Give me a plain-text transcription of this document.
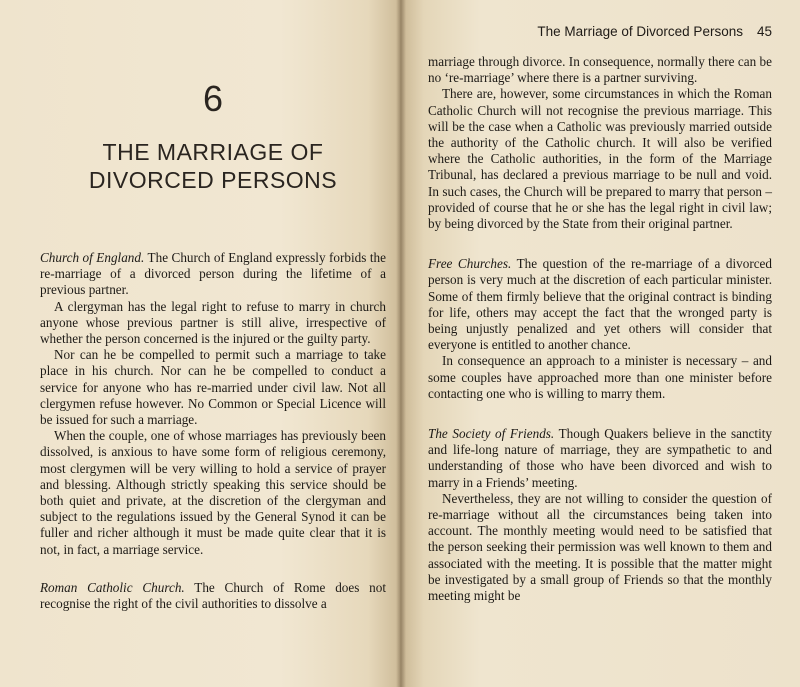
6
THE MARRIAGE OF
DIVORCED PERSONS

Church of England. The Church of England expressly forbids the re-marriage of a divorced person during the lifetime of a previous partner.

A clergyman has the legal right to refuse to marry in church anyone whose previous partner is still alive, irrespective of whether the person concerned is the injured or the guilty party.

Nor can he be compelled to permit such a marriage to take place in his church. Nor can he be compelled to conduct a service for anyone who has re-married under civil law. Not all clergymen refuse however. No Common or Special Licence will be issued for such a marriage.

When the couple, one of whose marriages has previously been dissolved, is anxious to have some form of religious ceremony, most clergymen will be very willing to hold a service of prayer and blessing. Although strictly speaking this service should be both quiet and private, at the discretion of the clergyman and subject to the regulations issued by the General Synod it can be fuller and richer although it must be made quite clear that it is not, in fact, a marriage service.

Roman Catholic Church. The Church of Rome does not recognise the right of the civil authorities to dissolve a

The Marriage of Divorced Persons 45

marriage through divorce. In consequence, normally there can be no ‘re-marriage’ where there is a partner surviving.

There are, however, some circumstances in which the Roman Catholic Church will not recognise the previous marriage. This will be the case when a Catholic was previously married outside the authority of the Catholic church. It will also be verified where the Catholic authorities, in the form of the Marriage Tribunal, has declared a previous marriage to be null and void. In such cases, the Church will be prepared to marry that person – provided of course that he or she has the legal right in civil law; by being divorced by the State from their original partner.

Free Churches. The question of the re-marriage of a divorced person is very much at the discretion of each particular minister. Some of them firmly believe that the original contract is binding for life, others may accept the fact that the wronged party is being unjustly penalized and yet others will consider that everyone is entitled to another chance.

In consequence an approach to a minister is necessary – and some couples have approached more than one minister before contacting one who is willing to marry them.

The Society of Friends. Though Quakers believe in the sanctity and life-long nature of marriage, they are sympathetic to and understanding of those who have been divorced and wish to marry in a Friends’ meeting.

Nevertheless, they are not willing to consider the question of re-marriage without all the circumstances being taken into account. The monthly meeting would need to be satisfied that the person seeking their permission was well known to them and associated with the meeting. It is possible that the matter might be investigated by a small group of Friends so that the monthly meeting might be
